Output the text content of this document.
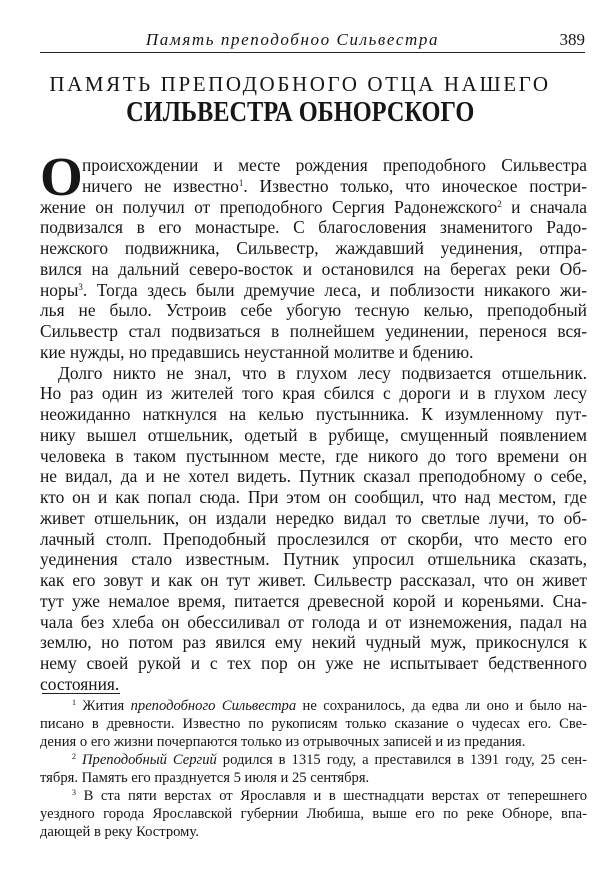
Память преподобноо Сильвестра	389
ПАМЯТЬ ПРЕПОДОБНОГО ОТЦА НАШЕГО
СИЛЬВЕСТРА ОБНОРСКОГО
О происхождении и месте рождения преподобного Сильвестра
ничего не известно$^1$. Известно только, что иноческое постри-
жение он получил от преподобного Сергия Радонежского$^2$ и сначала
подвизался в его монастыре. С благословения знаменитого Радо-
нежского подвижника, Сильвестр, жаждавший уединения, отпра-
вился на дальний северо-восток и остановился на берегах реки Об-
норы$^3$. Тогда здесь были дремучие леса, и поблизости никакого жи-
лья не было. Устроив себе убогую тесную келью, преподобный
Сильвестр стал подвизаться в полнейшем уединении, перенося вся-
кие нужды, но предавшись неустанной молитве и бдению.
Долго никто не знал, что в глухом лесу подвизается отшельник.
Но раз один из жителей того края сбился с дороги и в глухом лесу
неожиданно наткнулся на келью пустынника. К изумленному пут-
нику вышел отшельник, одетый в рубище, смущенный появлением
человека в таком пустынном месте, где никого до того времени он
не видал, да и не хотел видеть. Путник сказал преподобному о себе,
кто он и как попал сюда. При этом он сообщил, что над местом, где
живет отшельник, он издали нередко видал то светлые лучи, то об-
лачный столп. Преподобный прослезился от скорби, что место его
уединения стало известным. Путник упросил отшельника сказать,
как его зовут и как он тут живет. Сильвестр рассказал, что он живет
тут уже немалое время, питается древесной корой и кореньями. Сна-
чала без хлеба он обессиливал от голода и от изнеможения, падал на
землю, но потом раз явился ему некий чудный муж, прикоснулся к
нему своей рукой и с тех пор он уже не испытывает бедственного
состояния.
$^1$ Жития преподобного Сильвестра не сохранилось, да едва ли оно и было на-
писано в древности. Известно по рукописям только сказание о чудесах его. Све-
дения о его жизни почерпаются только из отрывочных записей и из предания.
$^2$ Преподобный Сергий родился в 1315 году, а преставился в 1391 году, 25 сен-
тября. Память его празднуется 5 июля и 25 сентября.
$^3$ В ста пяти верстах от Ярославля и в шестнадцати верстах от теперешнего
уездного города Ярославской губернии Любиша, выше его по реке Обноре, впа-
дающей в реку Кострому.
